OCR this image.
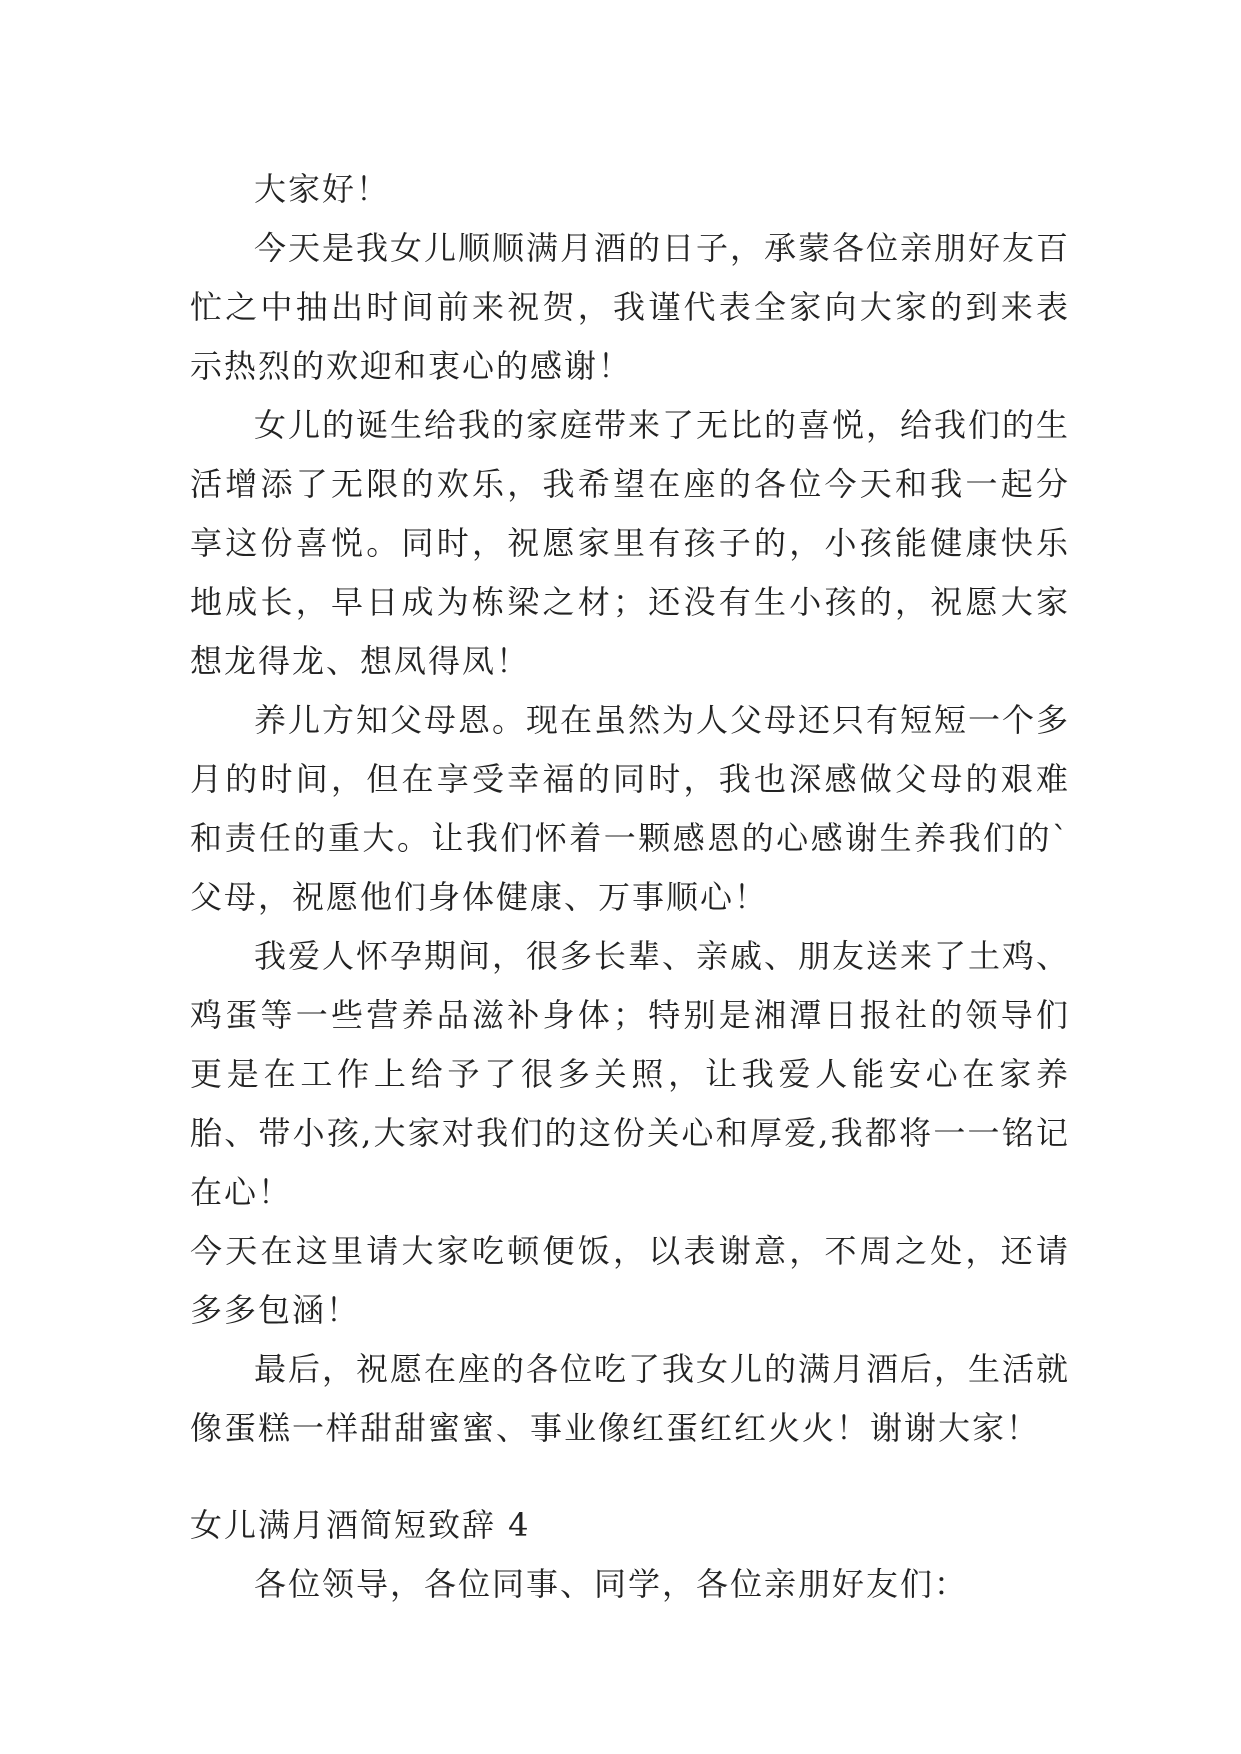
大家好！

今天是我女儿顺顺满月酒的日子，承蒙各位亲朋好友百忙之中抽出时间前来祝贺，我谨代表全家向大家的到来表示热烈的欢迎和衷心的感谢！

女儿的诞生给我的家庭带来了无比的喜悦，给我们的生活增添了无限的欢乐，我希望在座的各位今天和我一起分享这份喜悦。同时，祝愿家里有孩子的，小孩能健康快乐地成长，早日成为栋梁之材；还没有生小孩的，祝愿大家想龙得龙、想凤得凤！

养儿方知父母恩。现在虽然为人父母还只有短短一个多月的时间，但在享受幸福的同时，我也深感做父母的艰难和责任的重大。让我们怀着一颗感恩的心感谢生养我们的`父母，祝愿他们身体健康、万事顺心！

我爱人怀孕期间，很多长辈、亲戚、朋友送来了土鸡、鸡蛋等一些营养品滋补身体；特别是湘潭日报社的领导们更是在工作上给予了很多关照，让我爱人能安心在家养胎、带小孩,大家对我们的这份关心和厚爱,我都将一一铭记在心！

今天在这里请大家吃顿便饭，以表谢意，不周之处，还请多多包涵！

最后，祝愿在座的各位吃了我女儿的满月酒后，生活就像蛋糕一样甜甜蜜蜜、事业像红蛋红红火火！谢谢大家！

女儿满月酒简短致辞 4

各位领导，各位同事、同学，各位亲朋好友们：
